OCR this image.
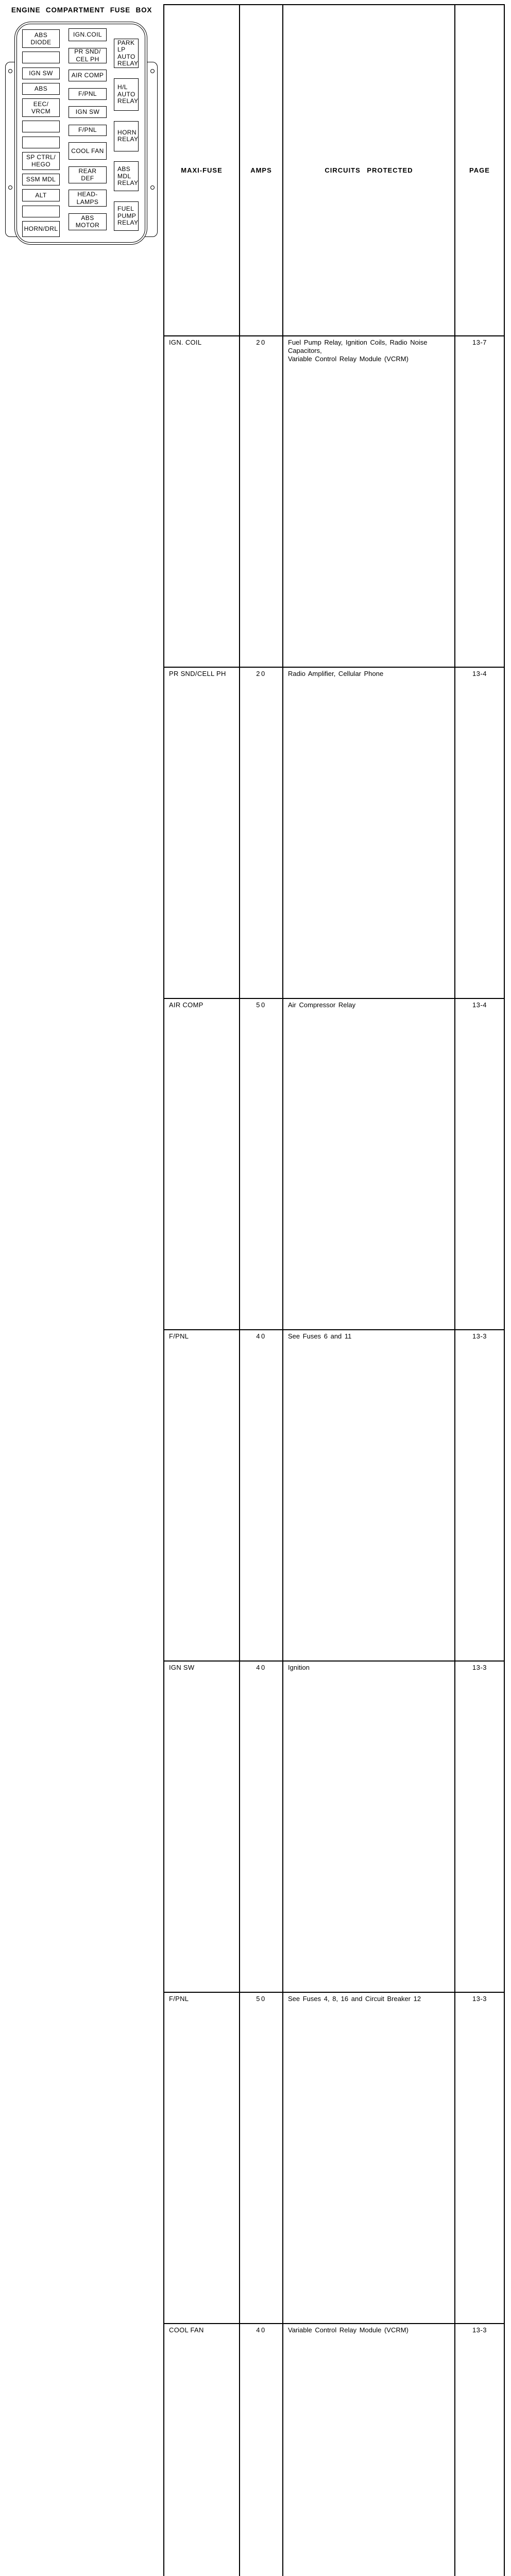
ENGINE COMPARTMENT FUSE BOX
ABS
DIODE
IGN SW
ABS
EEC/
VRCM
SP CTRL/
HEGO
SSM MDL
ALT
HORN/DRL
IGN.COIL
PR SND/
CEL PH
AIR COMP
F/PNL
IGN SW
F/PNL
COOL FAN
REAR
DEF
HEAD-
LAMPS
ABS
MOTOR
PARK
LP
AUTO
RELAY
H/L
AUTO
RELAY
HORN
RELAY
ABS
MDL
RELAY
FUEL
PUMP
RELAY
MAXI-FUSE	AMPS	CIRCUITS PROTECTED	PAGE
IGN. COIL	20	Fuel Pump Relay, Ignition Coils, Radio Noise Capacitors,
Variable Control Relay Module (VCRM)	13-7
PR SND/CELL PH	20	Radio Amplifier, Cellular Phone	13-4
AIR COMP	50	Air Compressor Relay	13-4
F/PNL	40	See Fuses 6 and 11	13-3
IGN SW	40	Ignition	13-3
F/PNL	50	See Fuses 4, 8, 16 and Circuit Breaker 12	13-3
COOL FAN	40	Variable Control Relay Module (VCRM)	13-3
